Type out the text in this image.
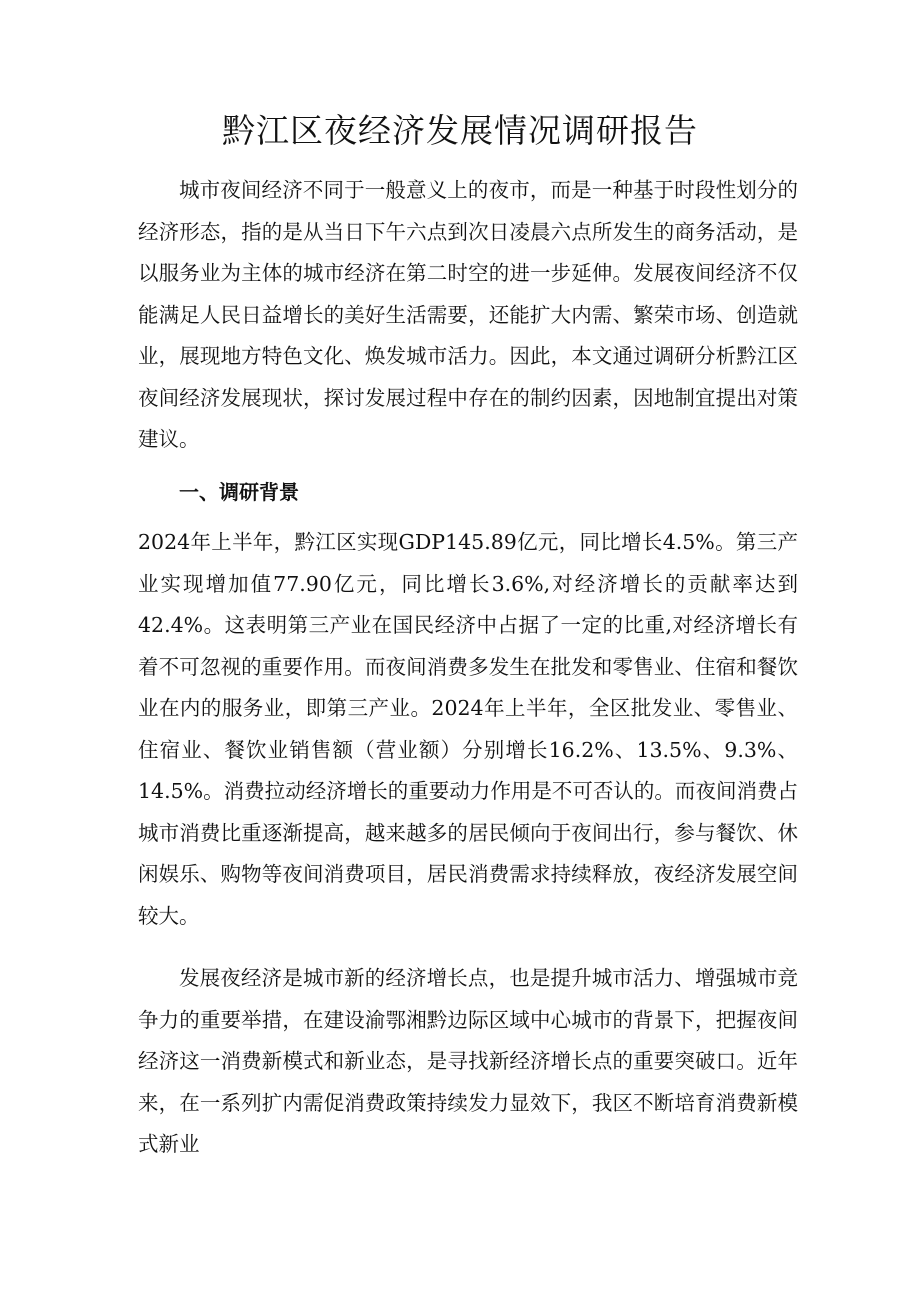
黔江区夜经济发展情况调研报告

城市夜间经济不同于一般意义上的夜市，而是一种基于时段性划分的经济形态，指的是从当日下午六点到次日凌晨六点所发生的商务活动，是以服务业为主体的城市经济在第二时空的进一步延伸。发展夜间经济不仅能满足人民日益增长的美好生活需要，还能扩大内需、繁荣市场、创造就业，展现地方特色文化、焕发城市活力。因此，本文通过调研分析黔江区夜间经济发展现状，探讨发展过程中存在的制约因素，因地制宜提出对策建议。

一、调研背景

2024年上半年，黔江区实现GDP145.89亿元，同比增长4.5%。第三产业实现增加值77.90亿元，同比增长3.6%,对经济增长的贡献率达到42.4%。这表明第三产业在国民经济中占据了一定的比重,对经济增长有着不可忽视的重要作用。而夜间消费多发生在批发和零售业、住宿和餐饮业在内的服务业，即第三产业。2024年上半年，全区批发业、零售业、住宿业、餐饮业销售额（营业额）分别增长16.2%、13.5%、9.3%、14.5%。消费拉动经济增长的重要动力作用是不可否认的。而夜间消费占城市消费比重逐渐提高，越来越多的居民倾向于夜间出行，参与餐饮、休闲娱乐、购物等夜间消费项目，居民消费需求持续释放，夜经济发展空间较大。

发展夜经济是城市新的经济增长点，也是提升城市活力、增强城市竞争力的重要举措，在建设渝鄂湘黔边际区域中心城市的背景下，把握夜间经济这一消费新模式和新业态，是寻找新经济增长点的重要突破口。近年来，在一系列扩内需促消费政策持续发力显效下，我区不断培育消费新模式新业
